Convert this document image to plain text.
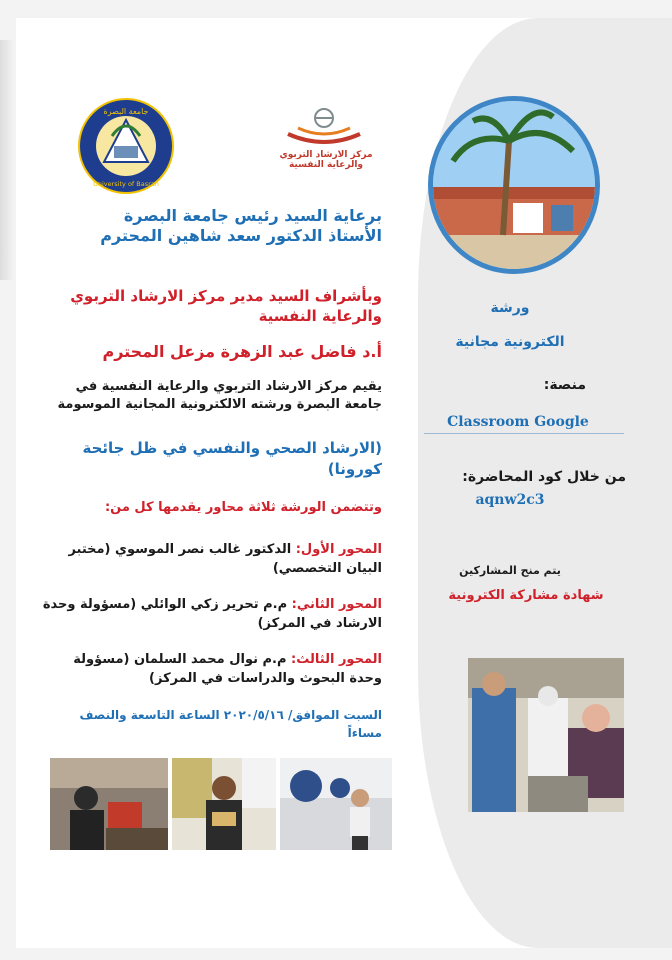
جامعة البصرة
University of Basrah
مركز الارشاد التربوي والرعاية النفسية
برعاية السيد رئيس جامعة البصرة
الأستاذ الدكتور سعد شاهين المحترم
وبأشراف السيد مدير مركز الارشاد التربوي
والرعاية النفسية
أ.د فاضل عبد الزهرة مزعل المحترم
يقيم مركز الارشاد التربوي والرعاية النفسية في
جامعة البصرة ورشته الالكترونية المجانية الموسومة
(الارشاد الصحي والنفسي في ظل جائحة
كورونا)
وتتضمن الورشة ثلاثة محاور يقدمها كل من:
المحور الأول: الدكتور غالب نصر الموسوي (مختبر البيان التخصصي)
المحور الثاني: م.م تحرير زكي الوائلي (مسؤولة وحدة الارشاد في المركز)
المحور الثالث: م.م نوال محمد السلمان (مسؤولة وحدة البحوث والدراسات في المركز)
السبت الموافق/ ٢٠٢٠/٥/١٦ الساعة التاسعة والنصف
مساءاً
ورشة
الكترونية مجانية
منصة:
Classroom Google
من خلال كود المحاضرة:
aqnw2c3
يتم منح المشاركين
شهادة مشاركة الكترونية
